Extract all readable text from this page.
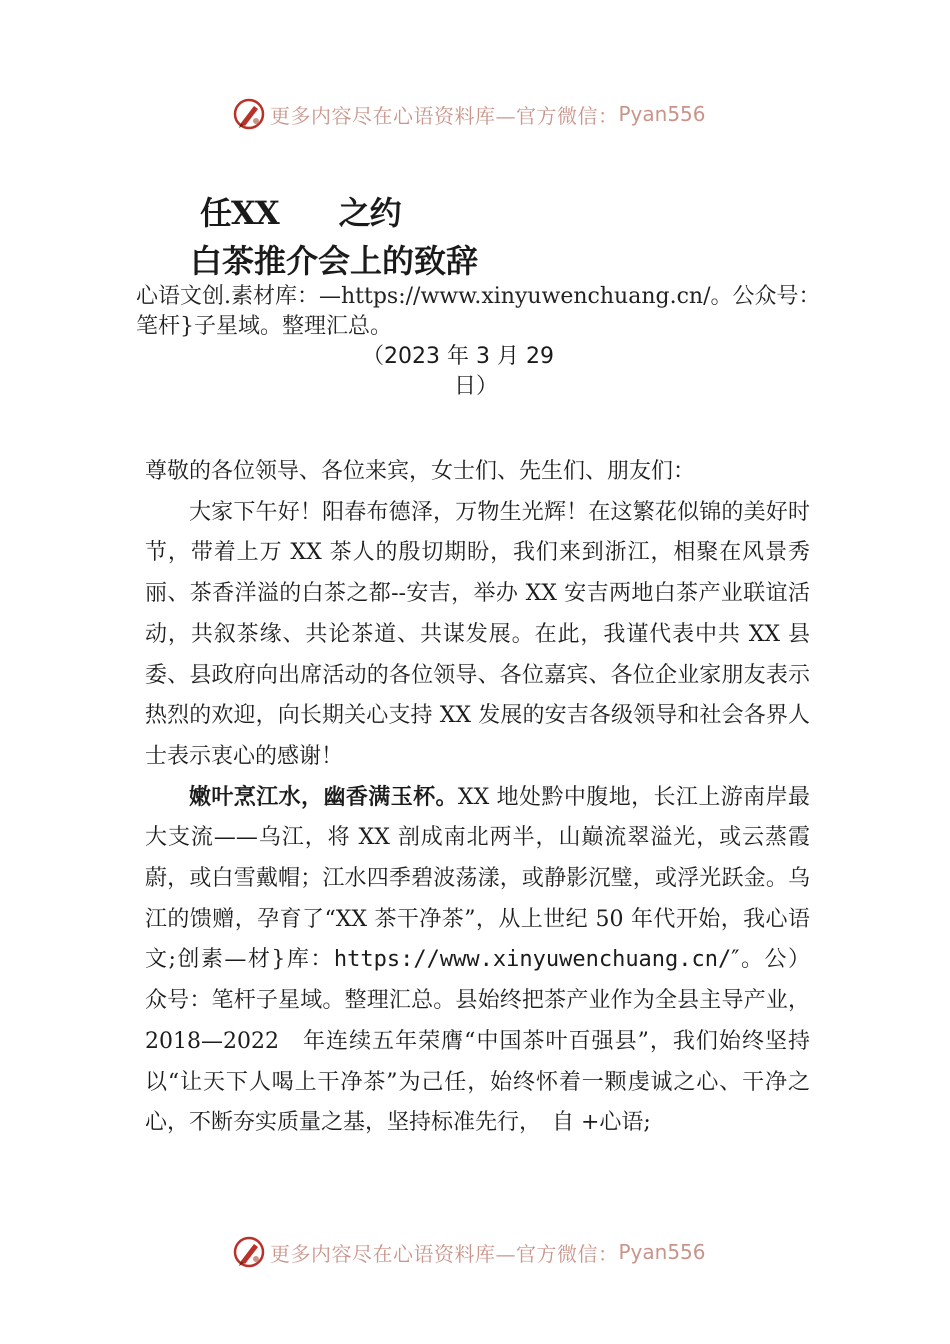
更多内容尽在心语资料库—官方微信： Pyan556
任XX 之约
白茶推介会上的致辞
心语文创.素材库：—https://www.xinyuwenchuang.cn/。公众号：笔杆}子星域。整理汇总。
（2023 年 3 月 29
日）

尊敬的各位领导、各位来宾，女士们、先生们、朋友们：

大家下午好！阳春布德泽，万物生光辉！在这繁花似锦的美好时节，带着上万 XX 茶人的殷切期盼，我们来到浙江，相聚在风景秀丽、茶香洋溢的白茶之都--安吉，举办 XX 安吉两地白茶产业联谊活动，共叙茶缘、共论茶道、共谋发展。在此，我谨代表中共 XX 县委、县政府向出席活动的各位领导、各位嘉宾、各位企业家朋友表示热烈的欢迎，向长期关心支持 XX 发展的安吉各级领导和社会各界人士表示衷心的感谢！

嫩叶烹江水，幽香满玉杯。XX 地处黔中腹地，长江上游南岸最大支流——乌江，将 XX 剖成南北两半，山巅流翠溢光，或云蒸霞蔚，或白雪戴帽；江水四季碧波荡漾，或静影沉璧，或浮光跃金。乌江的馈赠，孕育了“XX 茶干净茶”，从上世纪 50 年代开始，我心语文;创素—材}库：https://www.xinyuwenchuang.cn/″。公）众号：笔杆子星域。整理汇总。县始终把茶产业作为全县主导产业，2018—2022　年连续五年荣膺“中国茶叶百强县”，我们始终坚持以“让天下人喝上干净茶”为己任，始终怀着一颗虔诚之心、干净之心，不断夯实质量之基，坚持标准先行，　自 +心语;

更多内容尽在心语资料库—官方微信： Pyan556
